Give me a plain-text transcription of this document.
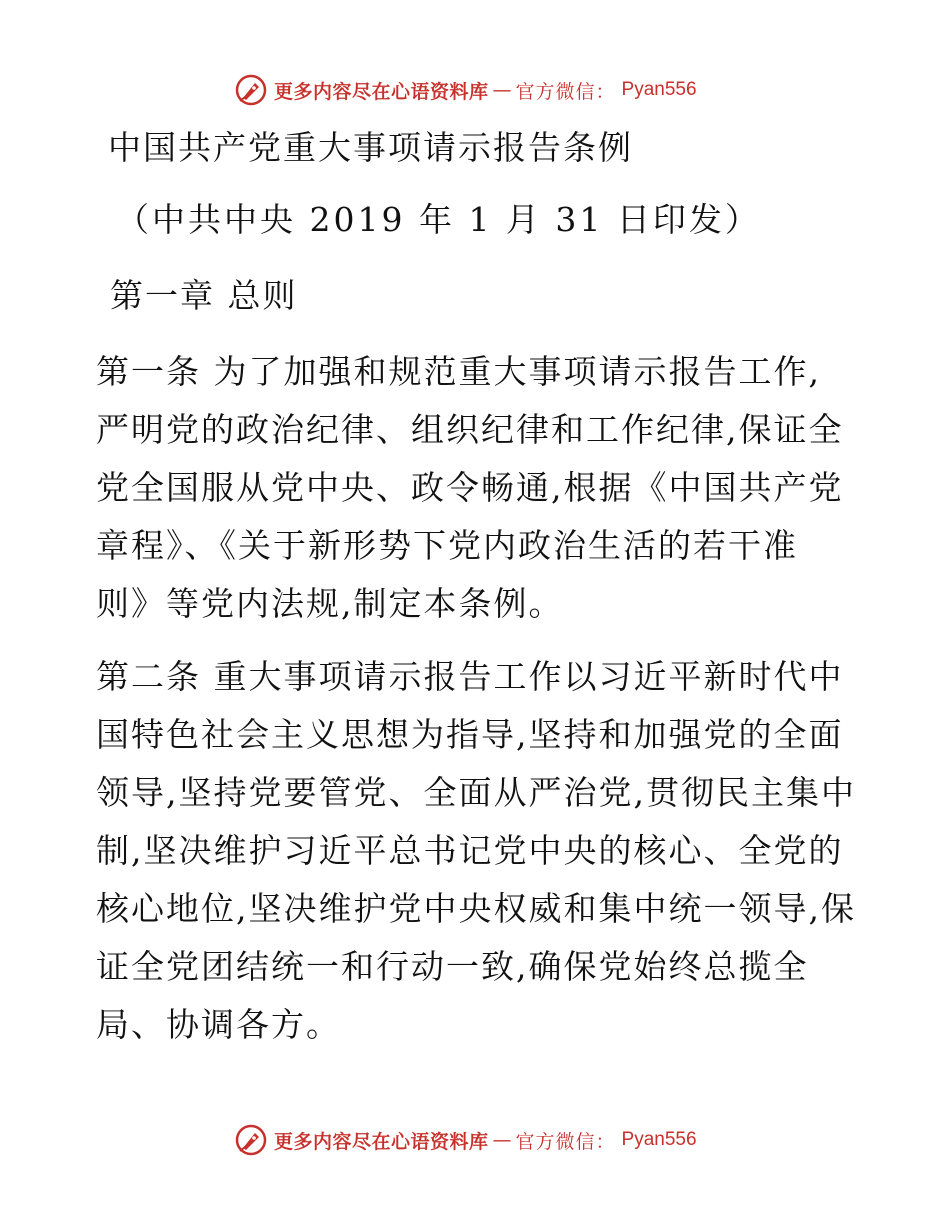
更多内容尽在心语资料库 — 官方微信： Pyan556
中国共产党重大事项请示报告条例
（中共中央 2019 年 1 月 31 日印发）
第一章 总则
第一条 为了加强和规范重大事项请示报告工作,
严明党的政治纪律、组织纪律和工作纪律,保证全
党全国服从党中央、政令畅通,根据《中国共产党
章程》、《关于新形势下党内政治生活的若干准
则》等党内法规,制定本条例。
第二条 重大事项请示报告工作以习近平新时代中
国特色社会主义思想为指导,坚持和加强党的全面
领导,坚持党要管党、全面从严治党,贯彻民主集中
制,坚决维护习近平总书记党中央的核心、全党的
核心地位,坚决维护党中央权威和集中统一领导,保
证全党团结统一和行动一致,确保党始终总揽全
局、协调各方。
更多内容尽在心语资料库 — 官方微信： Pyan556
